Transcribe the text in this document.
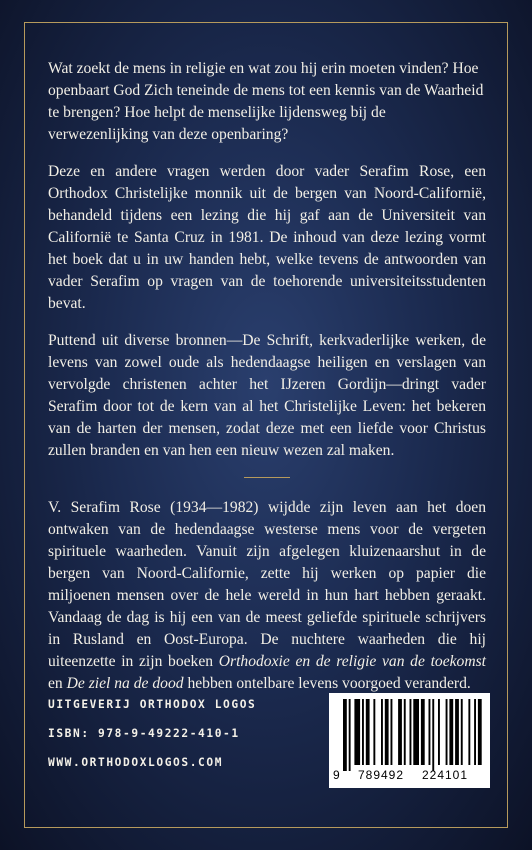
Wat zoekt de mens in religie en wat zou hij erin moeten vinden? Hoe openbaart God Zich teneinde de mens tot een kennis van de Waarheid te brengen? Hoe helpt de menselijke lijdensweg bij de verwezenlijking van deze openbaring?

Deze en andere vragen werden door vader Serafim Rose, een Orthodox Christelijke monnik uit de bergen van Noord-Californië, behandeld tijdens een lezing die hij gaf aan de Universiteit van Californië te Santa Cruz in 1981. De inhoud van deze lezing vormt het boek dat u in uw handen hebt, welke tevens de antwoorden van vader Serafim op vragen van de toehorende universiteitsstudenten bevat.

Puttend uit diverse bronnen—De Schrift, kerkvaderlijke werken, de levens van zowel oude als hedendaagse heiligen en verslagen van vervolgde christenen achter het IJzeren Gordijn—dringt vader Serafim door tot de kern van al het Christelijke Leven: het bekeren van de harten der mensen, zodat deze met een liefde voor Christus zullen branden en van hen een nieuw wezen zal maken.

V. Serafim Rose (1934—1982) wijdde zijn leven aan het doen ontwaken van de hedendaagse westerse mens voor de vergeten spirituele waarheden. Vanuit zijn afgelegen kluizenaarshut in de bergen van Noord-Californie, zette hij werken op papier die miljoenen mensen over de hele wereld in hun hart hebben geraakt. Vandaag de dag is hij een van de meest geliefde spirituele schrijvers in Rusland en Oost-Europa. De nuchtere waarheden die hij uiteenzette in zijn boeken Orthodoxie en de religie van de toekomst en De ziel na de dood hebben ontelbare levens voorgoed veranderd.

UITGEVERIJ ORTHODOX LOGOS
ISBN: 978-9-49222-410-1
WWW.ORTHODOXLOGOS.COM
9 789492 224101
